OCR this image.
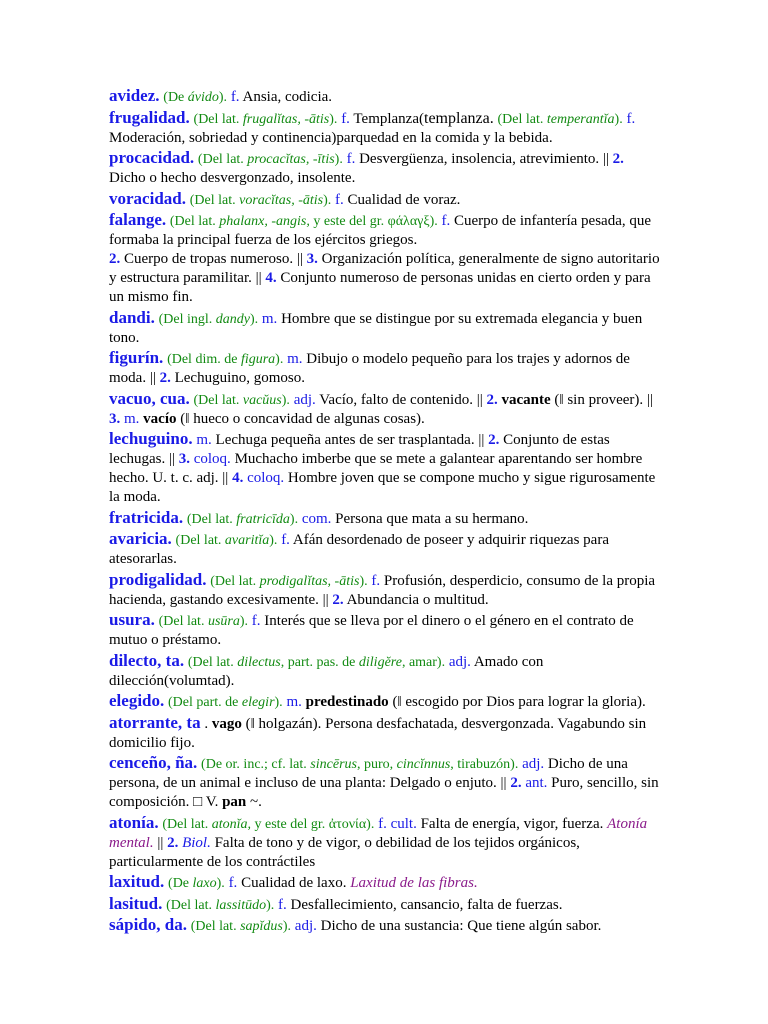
avidez. (De ávido). f. Ansia, codicia.
frugalidad. (Del lat. frugalĭtas, -ātis). f. Templanza(templanza. (Del lat. temperantĭa). f. Moderación, sobriedad y continencia)parquedad en la comida y la bebida.
procacidad. (Del lat. procacĭtas, -ītis). f. Desvergüenza, insolencia, atrevimiento. || 2. Dicho o hecho desvergonzado, insolente.
voracidad. (Del lat. voracĭtas, -ātis). f. Cualidad de voraz.
falange. (Del lat. phalanx, -angis, y este del gr. φάλαγξ). f. Cuerpo de infantería pesada, que formaba la principal fuerza de los ejércitos griegos.
2. Cuerpo de tropas numeroso. || 3. Organización política, generalmente de signo autoritario y estructura paramilitar. || 4. Conjunto numeroso de personas unidas en cierto orden y para un mismo fin.
dandi. (Del ingl. dandy). m. Hombre que se distingue por su extremada elegancia y buen tono.
figurín. (Del dim. de figura). m. Dibujo o modelo pequeño para los trajes y adornos de moda. || 2. Lechuguino, gomoso.
vacuo, cua. (Del lat. vacŭus). adj. Vacío, falto de contenido. || 2. vacante (‖ sin proveer). || 3. m. vacío (‖ hueco o concavidad de algunas cosas).
lechuguino. m. Lechuga pequeña antes de ser trasplantada. || 2. Conjunto de estas lechugas. || 3. coloq. Muchacho imberbe que se mete a galantear aparentando ser hombre hecho. U. t. c. adj. || 4. coloq. Hombre joven que se compone mucho y sigue rigurosamente la moda.
fratricida. (Del lat. fratricīda). com. Persona que mata a su hermano.
avaricia. (Del lat. avaritĭa). f. Afán desordenado de poseer y adquirir riquezas para atesorarlas.
prodigalidad. (Del lat. prodigalĭtas, -ātis). f. Profusión, desperdicio, consumo de la propia hacienda, gastando excesivamente. || 2. Abundancia o multitud.
usura. (Del lat. usūra). f. Interés que se lleva por el dinero o el género en el contrato de mutuo o préstamo.
dilecto, ta. (Del lat. dilectus, part. pas. de diligĕre, amar). adj. Amado con dilección(volumtad).
elegido. (Del part. de elegir). m. predestinado (‖ escogido por Dios para lograr la gloria).
atorrante, ta . vago (‖ holgazán). Persona desfachatada, desvergonzada. Vagabundo sin domicilio fijo.
cenceño, ña. (De or. inc.; cf. lat. sincērus, puro, cincĭnnus, tirabuzón). adj. Dicho de una persona, de un animal e incluso de una planta: Delgado o enjuto. || 2. ant. Puro, sencillo, sin composición. □ V. pan ~.
atonía. (Del lat. atonĭa, y este del gr. ἀτονία). f. cult. Falta de energía, vigor, fuerza. Atonía mental. || 2. Biol. Falta de tono y de vigor, o debilidad de los tejidos orgánicos, particularmente de los contráctiles
laxitud. (De laxo). f. Cualidad de laxo. Laxitud de las fibras.
lasitud. (Del lat. lassitūdo). f. Desfallecimiento, cansancio, falta de fuerzas.
sápido, da. (Del lat. sapĭdus). adj. Dicho de una sustancia: Que tiene algún sabor.
